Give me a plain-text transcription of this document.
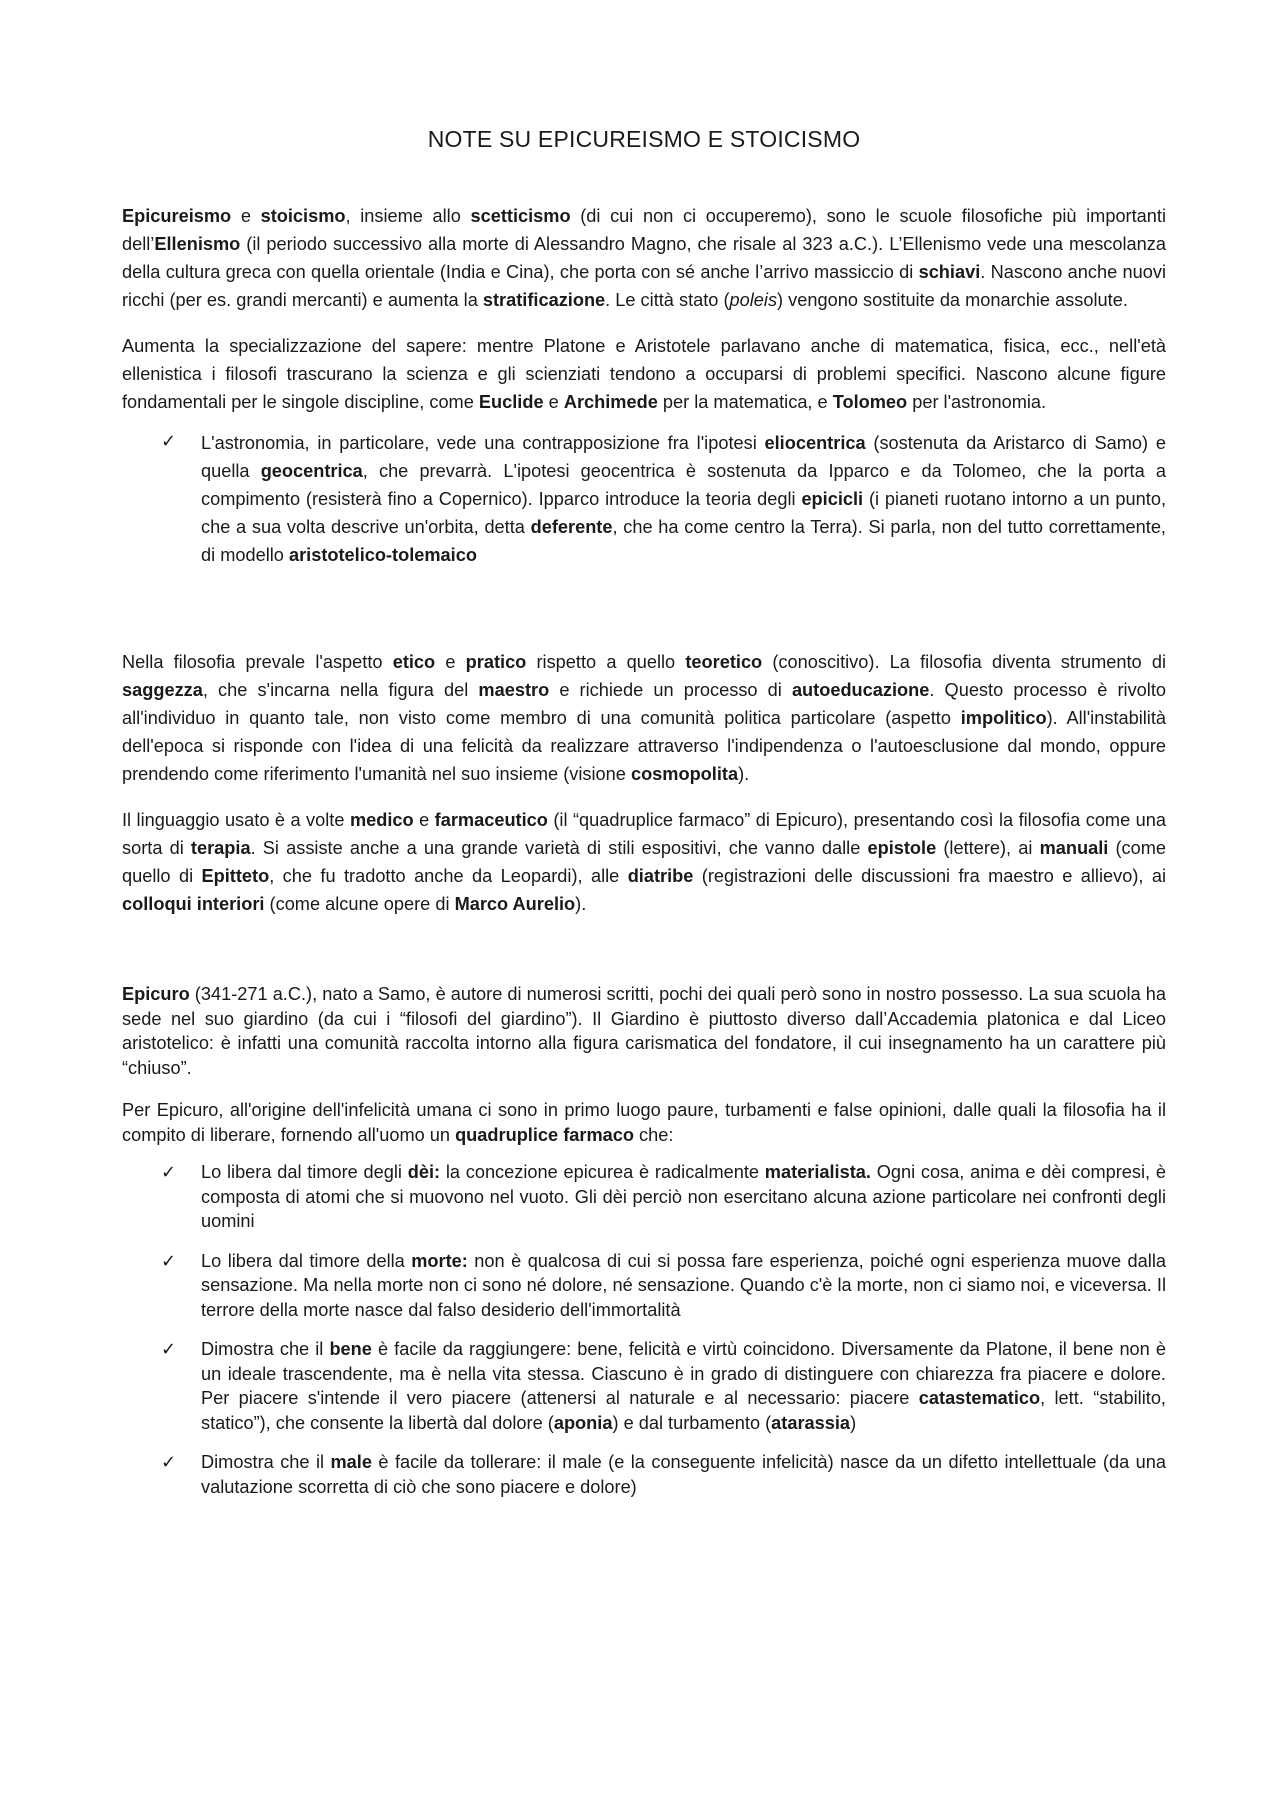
NOTE SU EPICUREISMO E STOICISMO

Epicureismo e stoicismo, insieme allo scetticismo (di cui non ci occuperemo), sono le scuole filosofiche più importanti dell’Ellenismo (il periodo successivo alla morte di Alessandro Magno, che risale al 323 a.C.). L’Ellenismo vede una mescolanza della cultura greca con quella orientale (India e Cina), che porta con sé anche l’arrivo massiccio di schiavi. Nascono anche nuovi ricchi (per es. grandi mercanti) e aumenta la stratificazione. Le città stato (poleis) vengono sostituite da monarchie assolute.

Aumenta la specializzazione del sapere: mentre Platone e Aristotele parlavano anche di matematica, fisica, ecc., nell'età ellenistica i filosofi trascurano la scienza e gli scienziati tendono a occuparsi di problemi specifici. Nascono alcune figure fondamentali per le singole discipline, come Euclide e Archimede per la matematica, e Tolomeo per l'astronomia.

✓ L'astronomia, in particolare, vede una contrapposizione fra l'ipotesi eliocentrica (sostenuta da Aristarco di Samo) e quella geocentrica, che prevarrà. L'ipotesi geocentrica è sostenuta da Ipparco e da Tolomeo, che la porta a compimento (resisterà fino a Copernico). Ipparco introduce la teoria degli epicicli (i pianeti ruotano intorno a un punto, che a sua volta descrive un'orbita, detta deferente, che ha come centro la Terra). Si parla, non del tutto correttamente, di modello aristotelico-tolemaico

Nella filosofia prevale l'aspetto etico e pratico rispetto a quello teoretico (conoscitivo). La filosofia diventa strumento di saggezza, che s'incarna nella figura del maestro e richiede un processo di autoeducazione. Questo processo è rivolto all'individuo in quanto tale, non visto come membro di una comunità politica particolare (aspetto impolitico). All'instabilità dell'epoca si risponde con l'idea di una felicità da realizzare attraverso l'indipendenza o l'autoesclusione dal mondo, oppure prendendo come riferimento l'umanità nel suo insieme (visione cosmopolita).

Il linguaggio usato è a volte medico e farmaceutico (il “quadruplice farmaco” di Epicuro), presentando così la filosofia come una sorta di terapia. Si assiste anche a una grande varietà di stili espositivi, che vanno dalle epistole (lettere), ai manuali (come quello di Epitteto, che fu tradotto anche da Leopardi), alle diatribe (registrazioni delle discussioni fra maestro e allievo), ai colloqui interiori (come alcune opere di Marco Aurelio).

Epicuro (341-271 a.C.), nato a Samo, è autore di numerosi scritti, pochi dei quali però sono in nostro possesso. La sua scuola ha sede nel suo giardino (da cui i “filosofi del giardino”). Il Giardino è piuttosto diverso dall’Accademia platonica e dal Liceo aristotelico: è infatti una comunità raccolta intorno alla figura carismatica del fondatore, il cui insegnamento ha un carattere più “chiuso”.

Per Epicuro, all'origine dell'infelicità umana ci sono in primo luogo paure, turbamenti e false opinioni, dalle quali la filosofia ha il compito di liberare, fornendo all'uomo un quadruplice farmaco che:

✓ Lo libera dal timore degli dèi: la concezione epicurea è radicalmente materialista. Ogni cosa, anima e dèi compresi, è composta di atomi che si muovono nel vuoto. Gli dèi perciò non esercitano alcuna azione particolare nei confronti degli uomini

✓ Lo libera dal timore della morte: non è qualcosa di cui si possa fare esperienza, poiché ogni esperienza muove dalla sensazione. Ma nella morte non ci sono né dolore, né sensazione. Quando c'è la morte, non ci siamo noi, e viceversa. Il terrore della morte nasce dal falso desiderio dell'immortalità

✓ Dimostra che il bene è facile da raggiungere: bene, felicità e virtù coincidono. Diversamente da Platone, il bene non è un ideale trascendente, ma è nella vita stessa. Ciascuno è in grado di distinguere con chiarezza fra piacere e dolore. Per piacere s'intende il vero piacere (attenersi al naturale e al necessario: piacere catastematico, lett. “stabilito, statico”), che consente la libertà dal dolore (aponia) e dal turbamento (atarassia)

✓ Dimostra che il male è facile da tollerare: il male (e la conseguente infelicità) nasce da un difetto intellettuale (da una valutazione scorretta di ciò che sono piacere e dolore)
